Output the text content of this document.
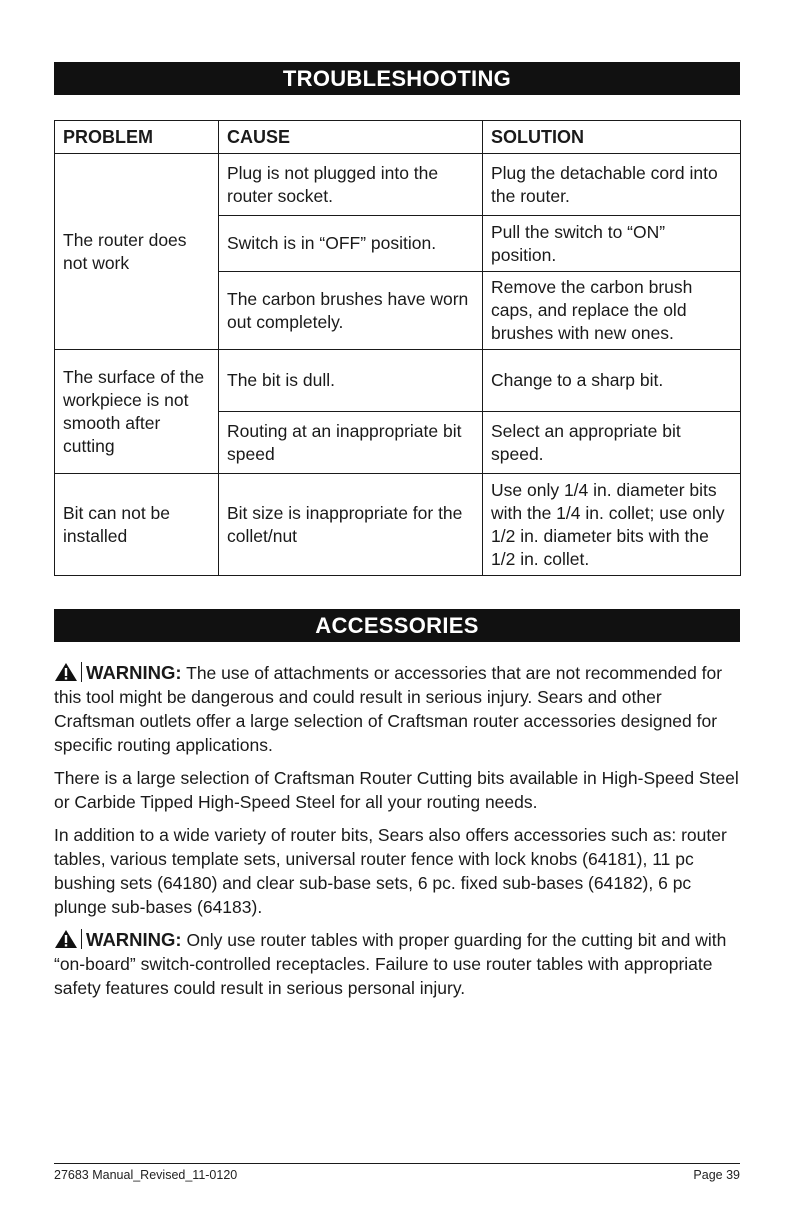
TROUBLESHOOTING
PROBLEM	CAUSE	SOLUTION
The router does not work	Plug is not plugged into the router socket.	Plug the detachable cord into the router.
	Switch is in “OFF” position.	Pull the switch to “ON” position.
	The carbon brushes have worn out completely.	Remove the carbon brush caps, and replace the old brushes with new ones.
The surface of the workpiece is not smooth after cutting	The bit is dull.	Change to a sharp bit.
	Routing at an inappropriate bit speed	Select an appropriate bit speed.
Bit can not be installed	Bit size is inappropriate for the collet/nut	Use only 1/4 in. diameter bits with the 1/4 in. collet; use only 1/2 in. diameter bits with the 1/2 in. collet.
ACCESSORIES

WARNING: The use of attachments or accessories that are not recommended for this tool might be dangerous and could result in serious injury. Sears and other Craftsman outlets offer a large selection of Craftsman router accessories designed for specific routing applications.

There is a large selection of Craftsman Router Cutting bits available in High-Speed Steel or Carbide Tipped High-Speed Steel for all your routing needs.

In addition to a wide variety of router bits, Sears also offers accessories such as: router tables, various template sets, universal router fence with lock knobs (64181), 11 pc bushing sets (64180) and clear sub-base sets, 6 pc. fixed sub-bases (64182), 6 pc plunge sub-bases (64183).

WARNING: Only use router tables with proper guarding for the cutting bit and with “on-board” switch-controlled receptacles. Failure to use router tables with appropriate safety features could result in serious personal injury.

27683 Manual_Revised_11-0120	Page 39
